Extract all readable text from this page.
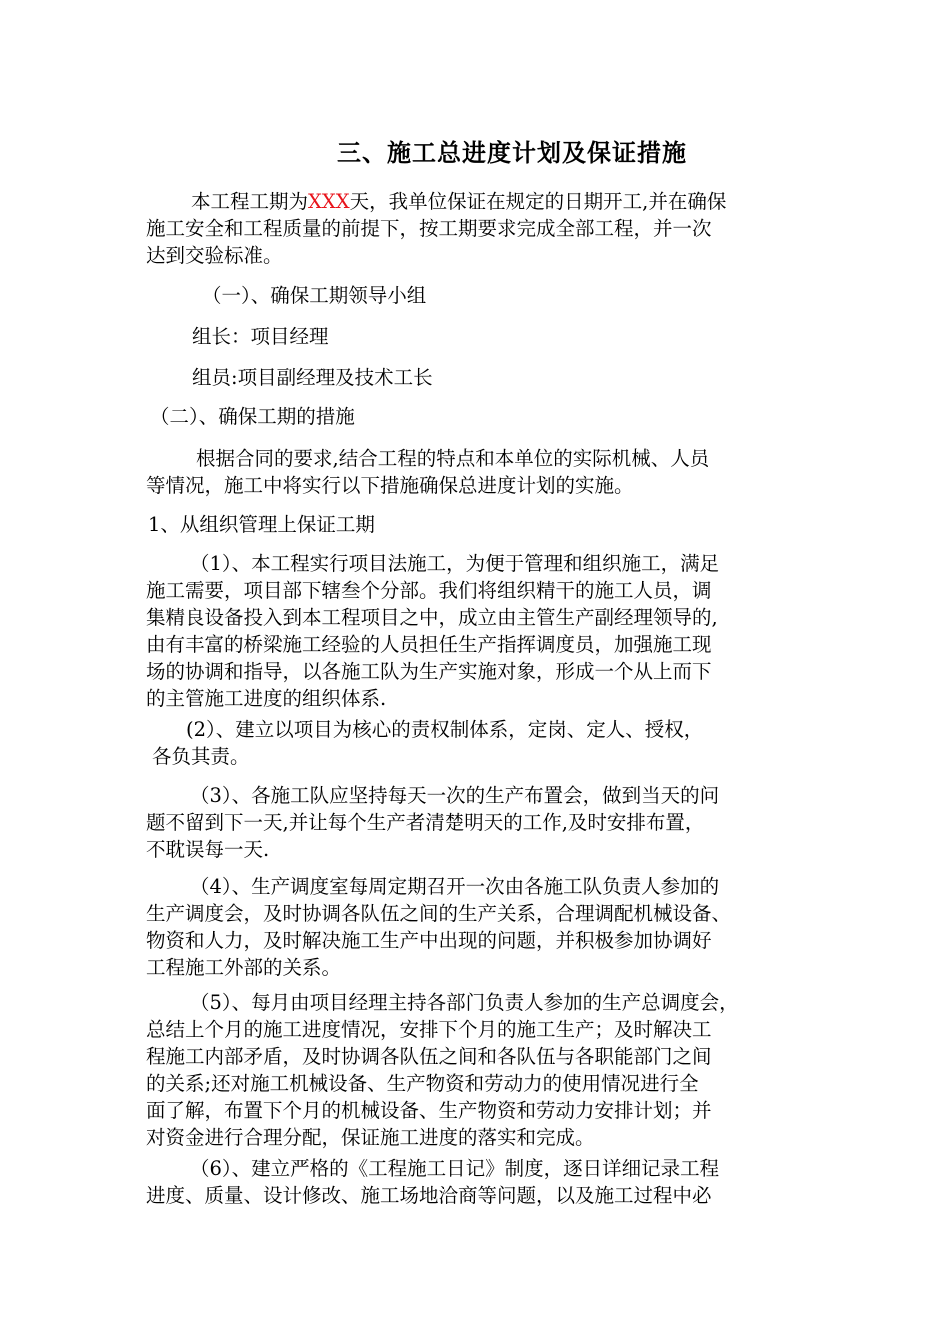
三、施工总进度计划及保证措施
本工程工期为XXX天，我单位保证在规定的日期开工,并在确保
施工安全和工程质量的前提下，按工期要求完成全部工程，并一次
达到交验标准。
（一）、确保工期领导小组
组长：项目经理
组员:项目副经理及技术工长
（二）、确保工期的措施
根据合同的要求,结合工程的特点和本单位的实际机械、人员
等情况，施工中将实行以下措施确保总进度计划的实施。
1、从组织管理上保证工期
（1）、本工程实行项目法施工，为便于管理和组织施工，满足
施工需要，项目部下辖叁个分部。我们将组织精干的施工人员，调
集精良设备投入到本工程项目之中，成立由主管生产副经理领导的,
由有丰富的桥梁施工经验的人员担任生产指挥调度员，加强施工现
场的协调和指导，以各施工队为生产实施对象，形成一个从上而下
的主管施工进度的组织体系.
(2）、建立以项目为核心的责权制体系，定岗、定人、授权，
各负其责。
（3）、各施工队应坚持每天一次的生产布置会，做到当天的问
题不留到下一天,并让每个生产者清楚明天的工作,及时安排布置，
不耽误每一天.
（4）、生产调度室每周定期召开一次由各施工队负责人参加的
生产调度会，及时协调各队伍之间的生产关系，合理调配机械设备、
物资和人力，及时解决施工生产中出现的问题，并积极参加协调好
工程施工外部的关系。
（5）、每月由项目经理主持各部门负责人参加的生产总调度会，
总结上个月的施工进度情况，安排下个月的施工生产；及时解决工
程施工内部矛盾，及时协调各队伍之间和各队伍与各职能部门之间
的关系;还对施工机械设备、生产物资和劳动力的使用情况进行全
面了解，布置下个月的机械设备、生产物资和劳动力安排计划；并
对资金进行合理分配，保证施工进度的落实和完成。
（6）、建立严格的《工程施工日记》制度，逐日详细记录工程
进度、质量、设计修改、施工场地洽商等问题，以及施工过程中必
